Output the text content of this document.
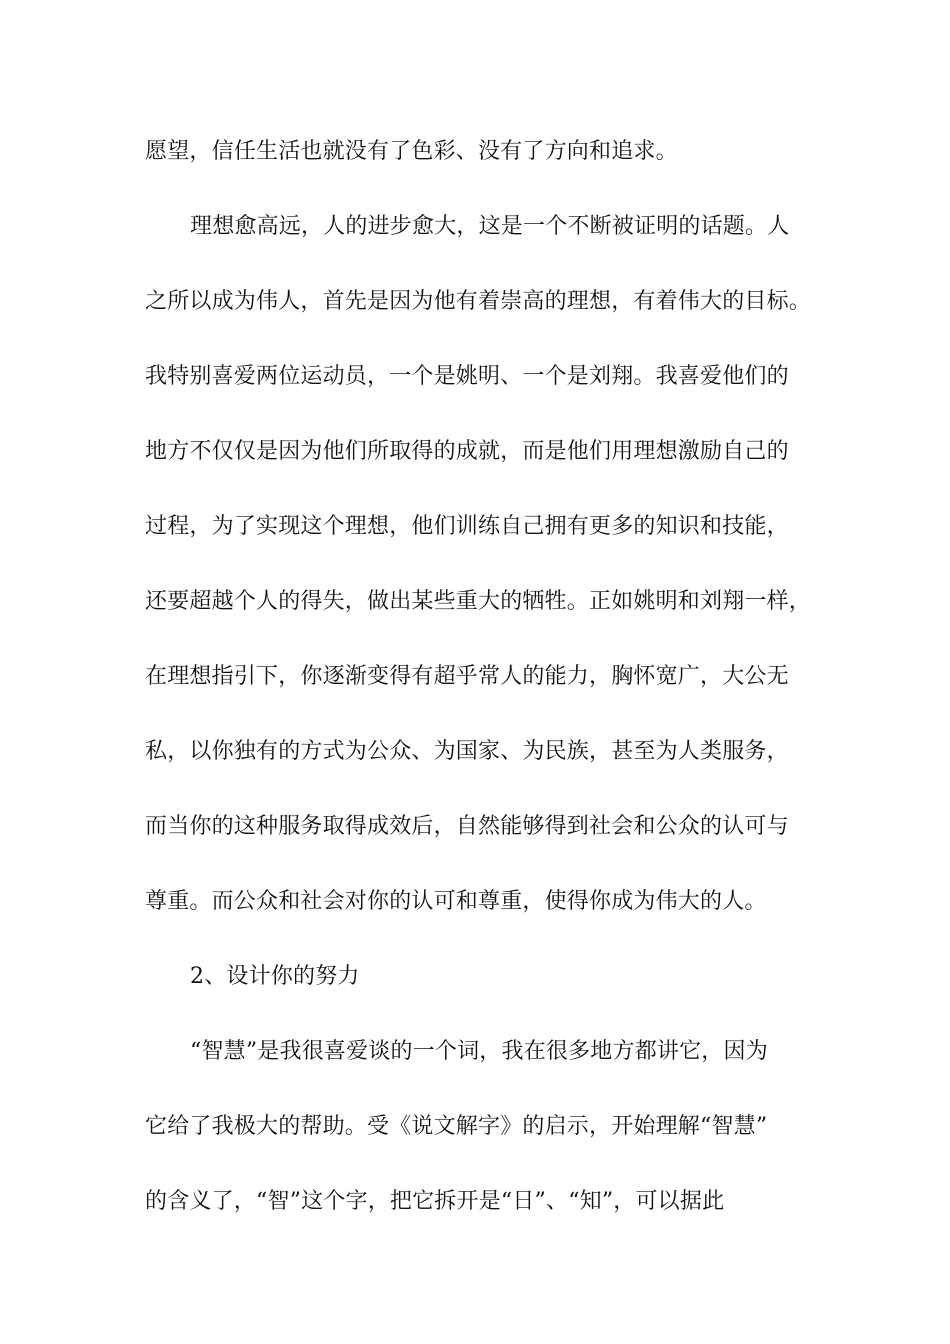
愿望，信任生活也就没有了色彩、没有了方向和追求。
理想愈高远，人的进步愈大，这是一个不断被证明的话题。人
之所以成为伟人，首先是因为他有着崇高的理想，有着伟大的目标。
我特别喜爱两位运动员，一个是姚明、一个是刘翔。我喜爱他们的
地方不仅仅是因为他们所取得的成就，而是他们用理想激励自己的
过程，为了实现这个理想，他们训练自己拥有更多的知识和技能，
还要超越个人的得失，做出某些重大的牺牲。正如姚明和刘翔一样，
在理想指引下，你逐渐变得有超乎常人的能力，胸怀宽广，大公无
私，以你独有的方式为公众、为国家、为民族，甚至为人类服务，
而当你的这种服务取得成效后，自然能够得到社会和公众的认可与
尊重。而公众和社会对你的认可和尊重，使得你成为伟大的人。
2、设计你的努力
“智慧”是我很喜爱谈的一个词，我在很多地方都讲它，因为
它给了我极大的帮助。受《说文解字》的启示，开始理解“智慧”
的含义了，“智”这个字，把它拆开是“日”、“知”，可以据此
